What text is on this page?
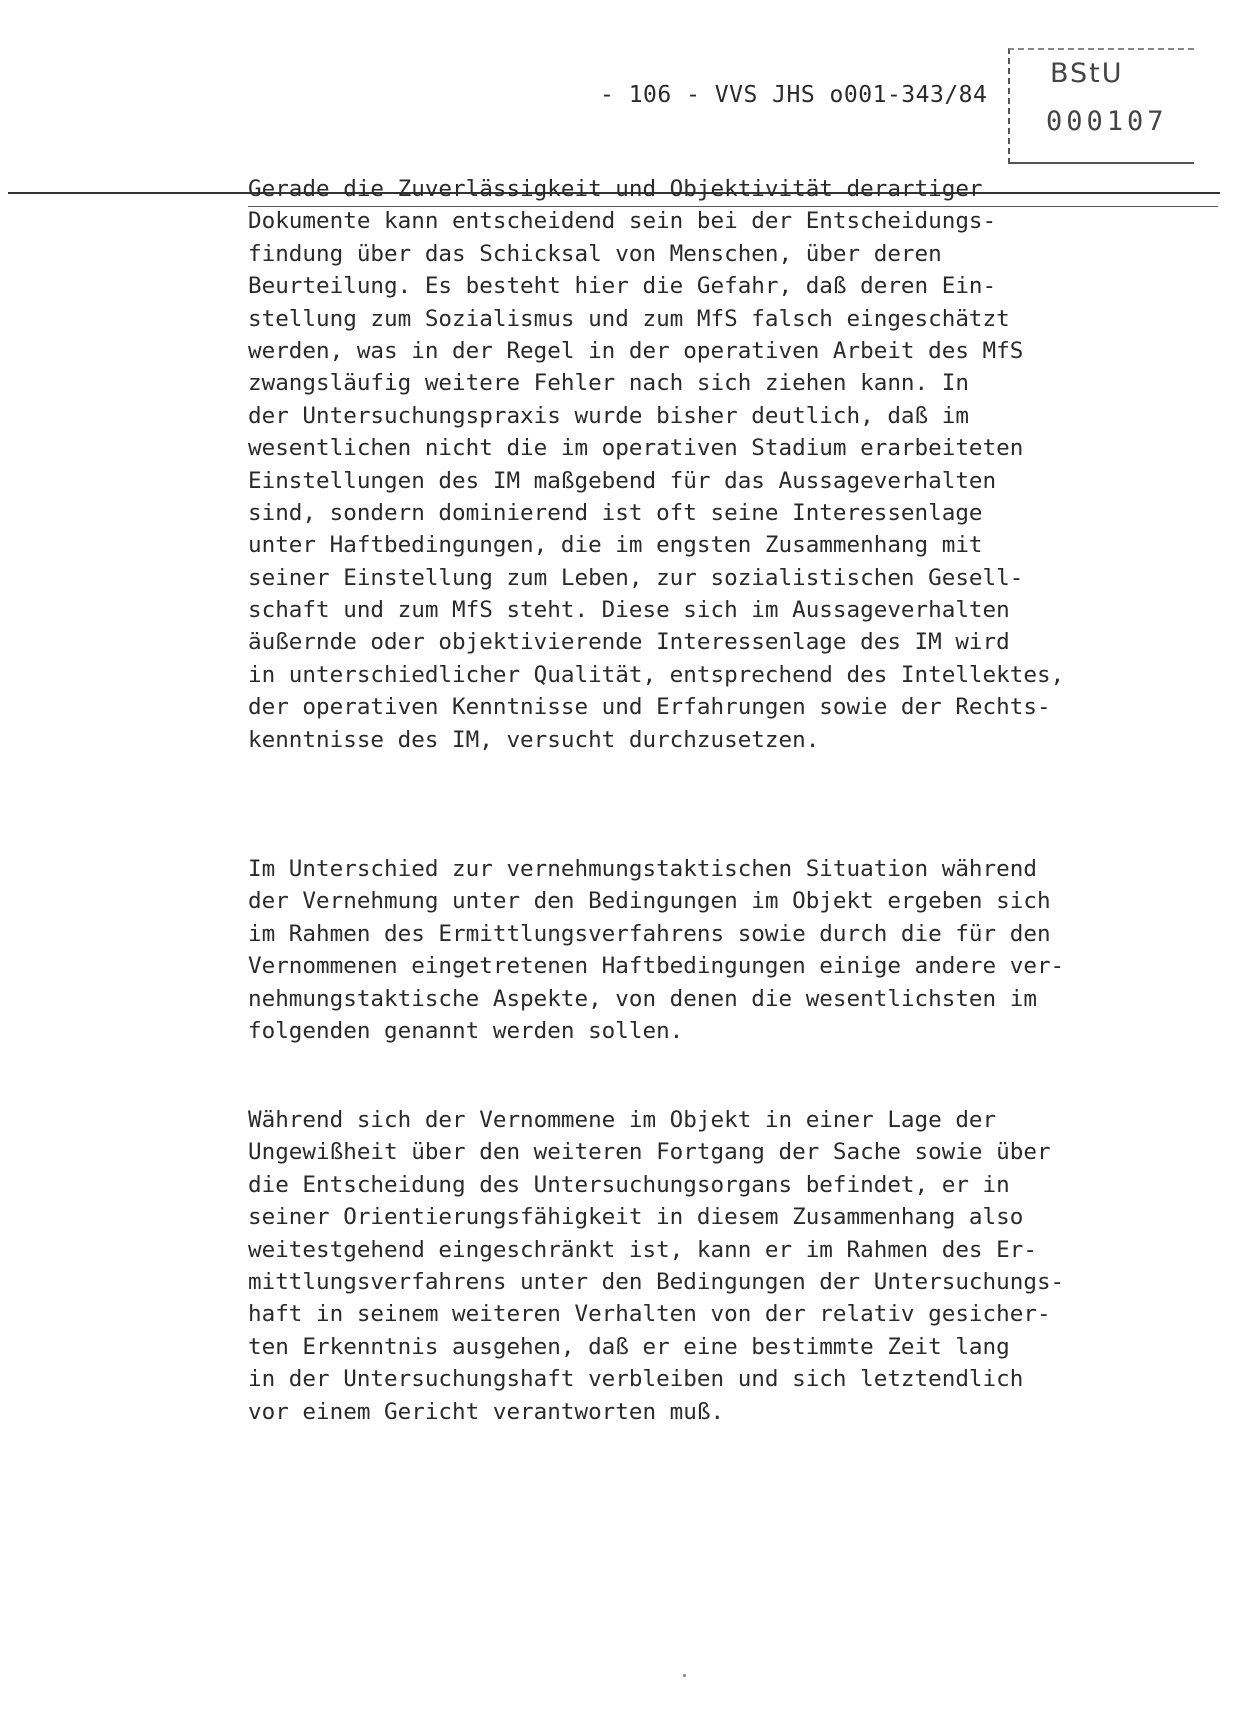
- 106 - VVS JHS o001-343/84
BStU
000107
Gerade die Zuverlässigkeit und Objektivität derartiger
Dokumente kann entscheidend sein bei der Entscheidungs-
findung über das Schicksal von Menschen, über deren
Beurteilung. Es besteht hier die Gefahr, daß deren Ein-
stellung zum Sozialismus und zum MfS falsch eingeschätzt
werden, was in der Regel in der operativen Arbeit des MfS
zwangsläufig weitere Fehler nach sich ziehen kann. In
der Untersuchungspraxis wurde bisher deutlich, daß im
wesentlichen nicht die im operativen Stadium erarbeiteten
Einstellungen des IM maßgebend für das Aussageverhalten
sind, sondern dominierend ist oft seine Interessenlage
unter Haftbedingungen, die im engsten Zusammenhang mit
seiner Einstellung zum Leben, zur sozialistischen Gesell-
schaft und zum MfS steht. Diese sich im Aussageverhalten
äußernde oder objektivierende Interessenlage des IM wird
in unterschiedlicher Qualität, entsprechend des Intellektes,
der operativen Kenntnisse und Erfahrungen sowie der Rechts-
kenntnisse des IM, versucht durchzusetzen.
Im Unterschied zur vernehmungstaktischen Situation während
der Vernehmung unter den Bedingungen im Objekt ergeben sich
im Rahmen des Ermittlungsverfahrens sowie durch die für den
Vernommenen eingetretenen Haftbedingungen einige andere ver-
nehmungstaktische Aspekte, von denen die wesentlichsten im
folgenden genannt werden sollen.
Während sich der Vernommene im Objekt in einer Lage der
Ungewißheit über den weiteren Fortgang der Sache sowie über
die Entscheidung des Untersuchungsorgans befindet, er in
seiner Orientierungsfähigkeit in diesem Zusammenhang also
weitestgehend eingeschränkt ist, kann er im Rahmen des Er-
mittlungsverfahrens unter den Bedingungen der Untersuchungs-
haft in seinem weiteren Verhalten von der relativ gesicher-
ten Erkenntnis ausgehen, daß er eine bestimmte Zeit lang
in der Untersuchungshaft verbleiben und sich letztendlich
vor einem Gericht verantworten muß.
